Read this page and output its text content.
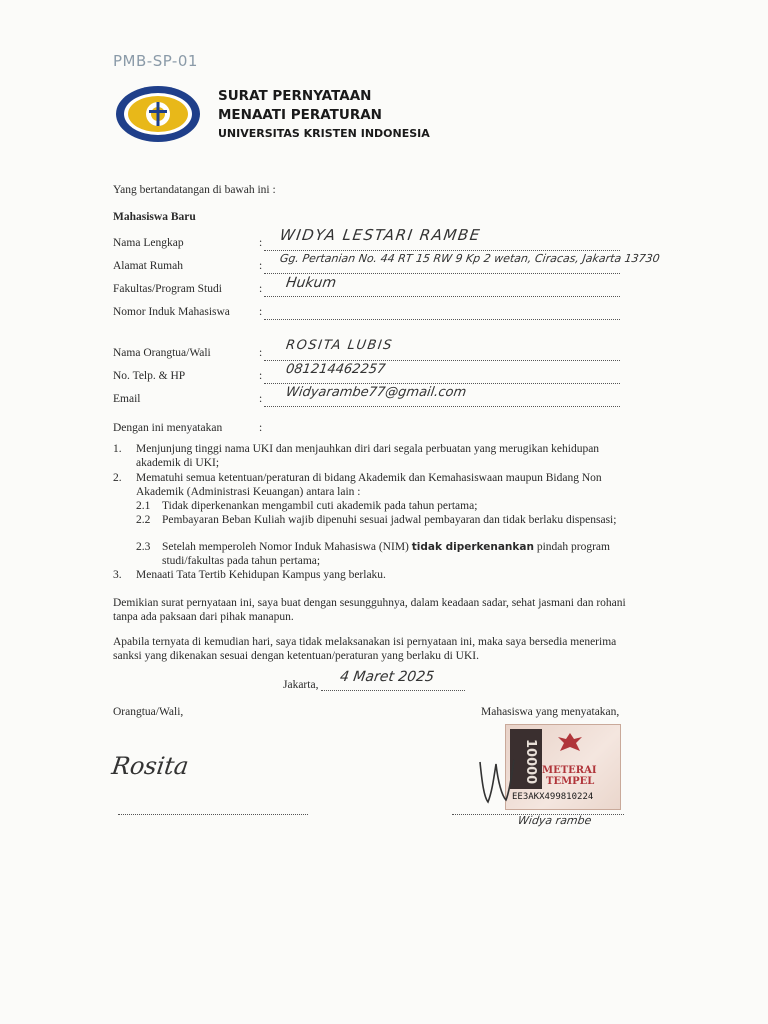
PMB-SP-01
SURAT PERNYATAAN
MENAATI PERATURAN
UNIVERSITAS KRISTEN INDONESIA
Yang bertandatangan di bawah ini :
Mahasiswa Baru
Nama Lengkap	: WIDYA LESTARI RAMBE
Alamat Rumah	:
Gg. Pertanian No. 44 RT 15 RW 9 Kp 2 wetan, Ciracas, Jakarta 13730
Fakultas/Program Studi	: Hukum
Nomor Induk Mahasiswa	:
Nama Orangtua/Wali	: ROSITA LUBIS
No. Telp. & HP	: 081214462257
Email	: Widyarambe77@gmail.com
Dengan ini menyatakan	:
1. Menjunjung tinggi nama UKI dan menjauhkan diri dari segala perbuatan yang merugikan kehidupan akademik di UKI;
2. Mematuhi semua ketentuan/peraturan di bidang Akademik dan Kemahasiswaan maupun Bidang Non Akademik (Administrasi Keuangan) antara lain :
2.1 Tidak diperkenankan mengambil cuti akademik pada tahun pertama;
2.2 Pembayaran Beban Kuliah wajib dipenuhi sesuai jadwal pembayaran dan tidak berlaku dispensasi;
2.3 Setelah memperoleh Nomor Induk Mahasiswa (NIM) tidak diperkenankan pindah program studi/fakultas pada tahun pertama;
3. Menaati Tata Tertib Kehidupan Kampus yang berlaku.
Demikian surat pernyataan ini, saya buat dengan sesungguhnya, dalam keadaan sadar, sehat jasmani dan rohani tanpa ada paksaan dari pihak manapun.
Apabila ternyata di kemudian hari, saya tidak melaksanakan isi pernyataan ini, maka saya bersedia menerima sanksi yang dikenakan sesuai dengan ketentuan/peraturan yang berlaku di UKI.
Jakarta, 4 Maret 2025
Orangtua/Wali,	Mahasiswa yang menyatakan,
Rosita	10000 METERAI
TEMPEL
EE3AKX499810224
Widya rambe
